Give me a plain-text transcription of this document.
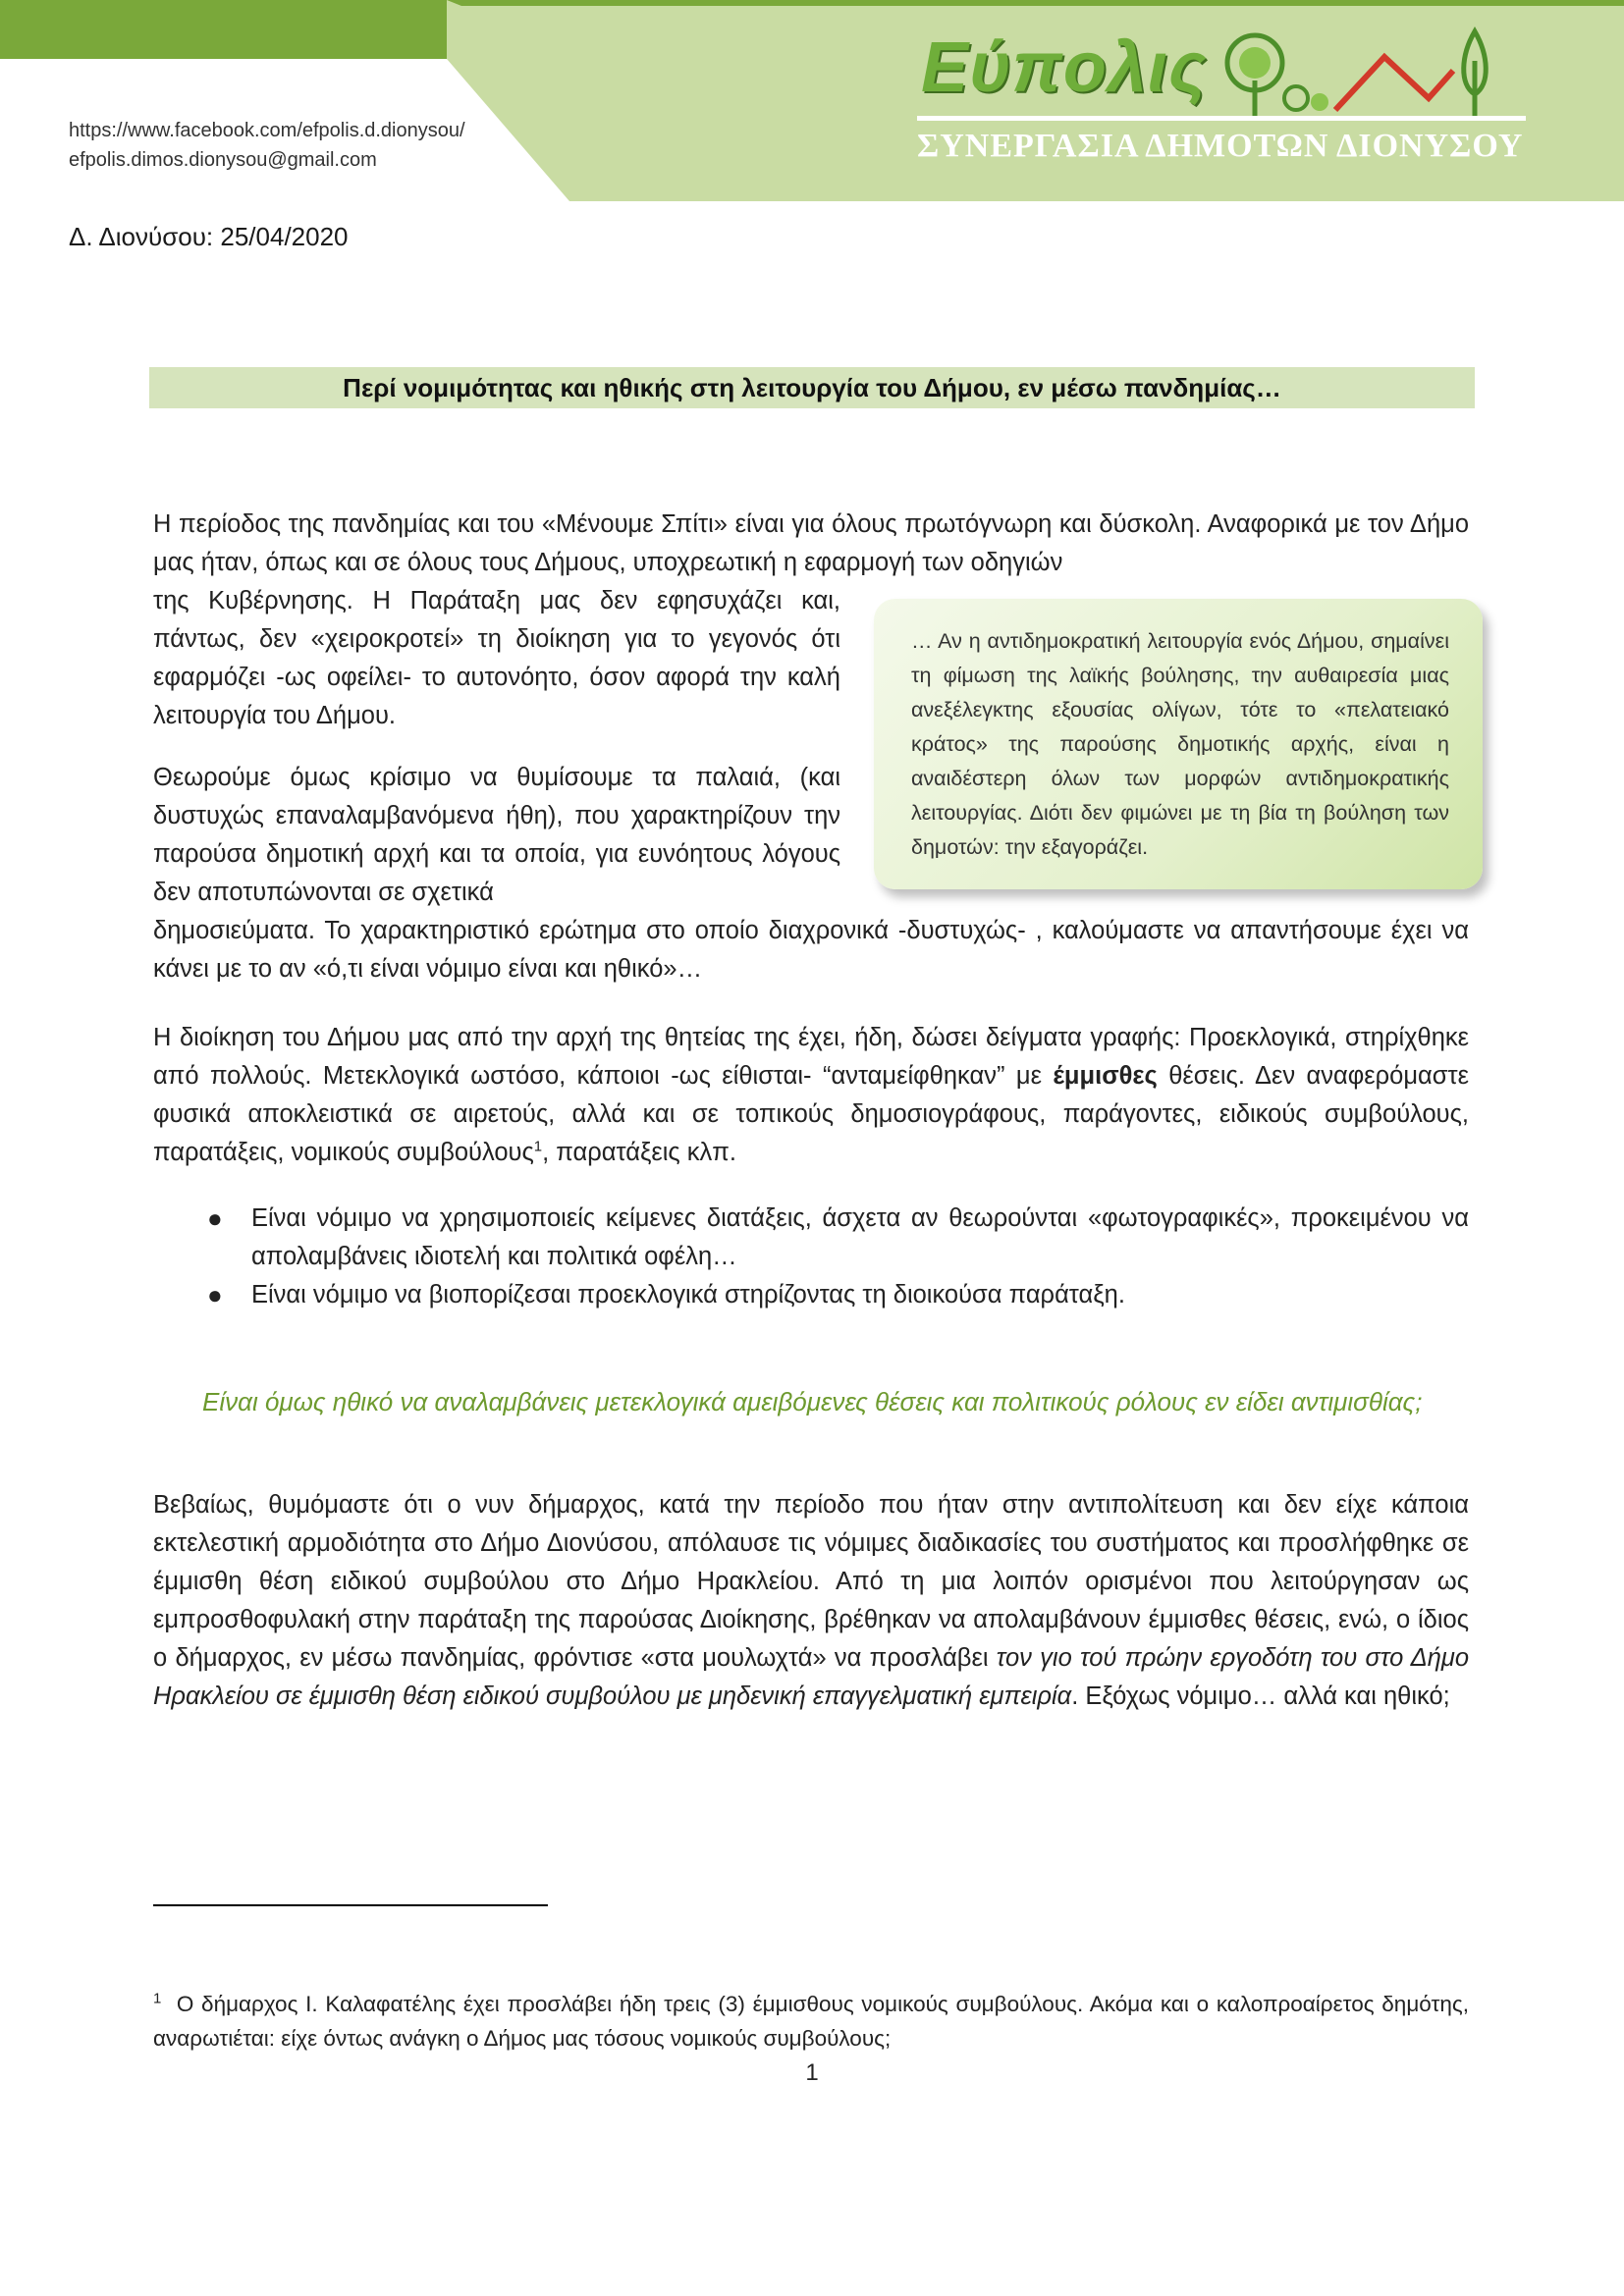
https://www.facebook.com/efpolis.d.dionysou/
efpolis.dimos.dionysou@gmail.com
Εύπολις
ΣΥΝΕΡΓΑΣΙΑ ΔΗΜΟΤΩΝ ΔΙΟΝΥΣΟΥ
Δ. Διονύσου: 25/04/2020
Περί νομιμότητας και ηθικής στη λειτουργία του Δήμου, εν μέσω πανδημίας…

Η περίοδος της πανδημίας και του «Μένουμε Σπίτι» είναι για όλους πρωτόγνωρη και δύσκολη. Αναφορικά με τον Δήμο μας ήταν, όπως και σε όλους τους Δήμους, υποχρεωτική η εφαρμογή των οδηγιών

της Κυβέρνησης. Η Παράταξη μας δεν εφησυχάζει και, πάντως, δεν «χειροκροτεί» τη διοίκηση για το γεγονός ότι εφαρμόζει -ως οφείλει- το αυτονόητο, όσον αφορά την καλή λειτουργία του Δήμου.

Θεωρούμε όμως κρίσιμο να θυμίσουμε τα παλαιά, (και δυστυχώς επαναλαμβανόμενα ήθη), που χαρακτηρίζουν την παρούσα δημοτική αρχή και τα οποία, για ευνόητους λόγους δεν αποτυπώνονται σε σχετικά

δημοσιεύματα. Το χαρακτηριστικό ερώτημα στο οποίο διαχρονικά -δυστυχώς- , καλούμαστε να απαντήσουμε έχει να κάνει με το αν «ό,τι είναι νόμιμο είναι και ηθικό»…

… Αν η αντιδημοκρατική λειτουργία ενός Δήμου, σημαίνει τη φίμωση της λαϊκής βούλησης, την αυθαιρεσία μιας ανεξέλεγκτης εξουσίας ολίγων, τότε το «πελατειακό κράτος» της παρούσης δημοτικής αρχής, είναι η αναιδέστερη όλων των μορφών αντιδημοκρατικής λειτουργίας. Διότι δεν φιμώνει με τη βία τη βούληση των δημοτών: την εξαγοράζει.

Η διοίκηση του Δήμου μας από την αρχή της θητείας της έχει, ήδη, δώσει δείγματα γραφής: Προεκλογικά, στηρίχθηκε από πολλούς. Μετεκλογικά ωστόσο, κάποιοι -ως είθισται- “ανταμείφθηκαν” με έμμισθες θέσεις. Δεν αναφερόμαστε φυσικά αποκλειστικά σε αιρετούς, αλλά και σε τοπικούς δημοσιογράφους, παράγοντες, ειδικούς συμβούλους, παρατάξεις, νομικούς συμβούλους$^1$, παρατάξεις κλπ.

● Είναι νόμιμο να χρησιμοποιείς κείμενες διατάξεις, άσχετα αν θεωρούνται «φωτογραφικές», προκειμένου να απολαμβάνεις ιδιοτελή και πολιτικά οφέλη…
● Είναι νόμιμο να βιοπορίζεσαι προεκλογικά στηρίζοντας τη διοικούσα παράταξη.

Είναι όμως ηθικό να αναλαμβάνεις μετεκλογικά αμειβόμενες θέσεις και πολιτικούς ρόλους εν είδει αντιμισθίας;

Βεβαίως, θυμόμαστε ότι ο νυν δήμαρχος, κατά την περίοδο που ήταν στην αντιπολίτευση και δεν είχε κάποια εκτελεστική αρμοδιότητα στο Δήμο Διονύσου, απόλαυσε τις νόμιμες διαδικασίες του συστήματος και προσλήφθηκε σε έμμισθη θέση ειδικού συμβούλου στο Δήμο Ηρακλείου. Από τη μια λοιπόν ορισμένοι που λειτούργησαν ως εμπροσθοφυλακή στην παράταξη της παρούσας Διοίκησης, βρέθηκαν να απολαμβάνουν έμμισθες θέσεις, ενώ, ο ίδιος ο δήμαρχος, εν μέσω πανδημίας, φρόντισε «στα μουλωχτά» να προσλάβει τον γιο τού πρώην εργοδότη του στο Δήμο Ηρακλείου σε έμμισθη θέση ειδικού συμβούλου με μηδενική επαγγελματική εμπειρία. Εξόχως νόμιμο… αλλά και ηθικό;

$^1$ Ο δήμαρχος Ι. Καλαφατέλης έχει προσλάβει ήδη τρεις (3) έμμισθους νομικούς συμβούλους. Ακόμα και ο καλοπροαίρετος δημότης, αναρωτιέται: είχε όντως ανάγκη ο Δήμος μας τόσους νομικούς συμβούλους;

1
